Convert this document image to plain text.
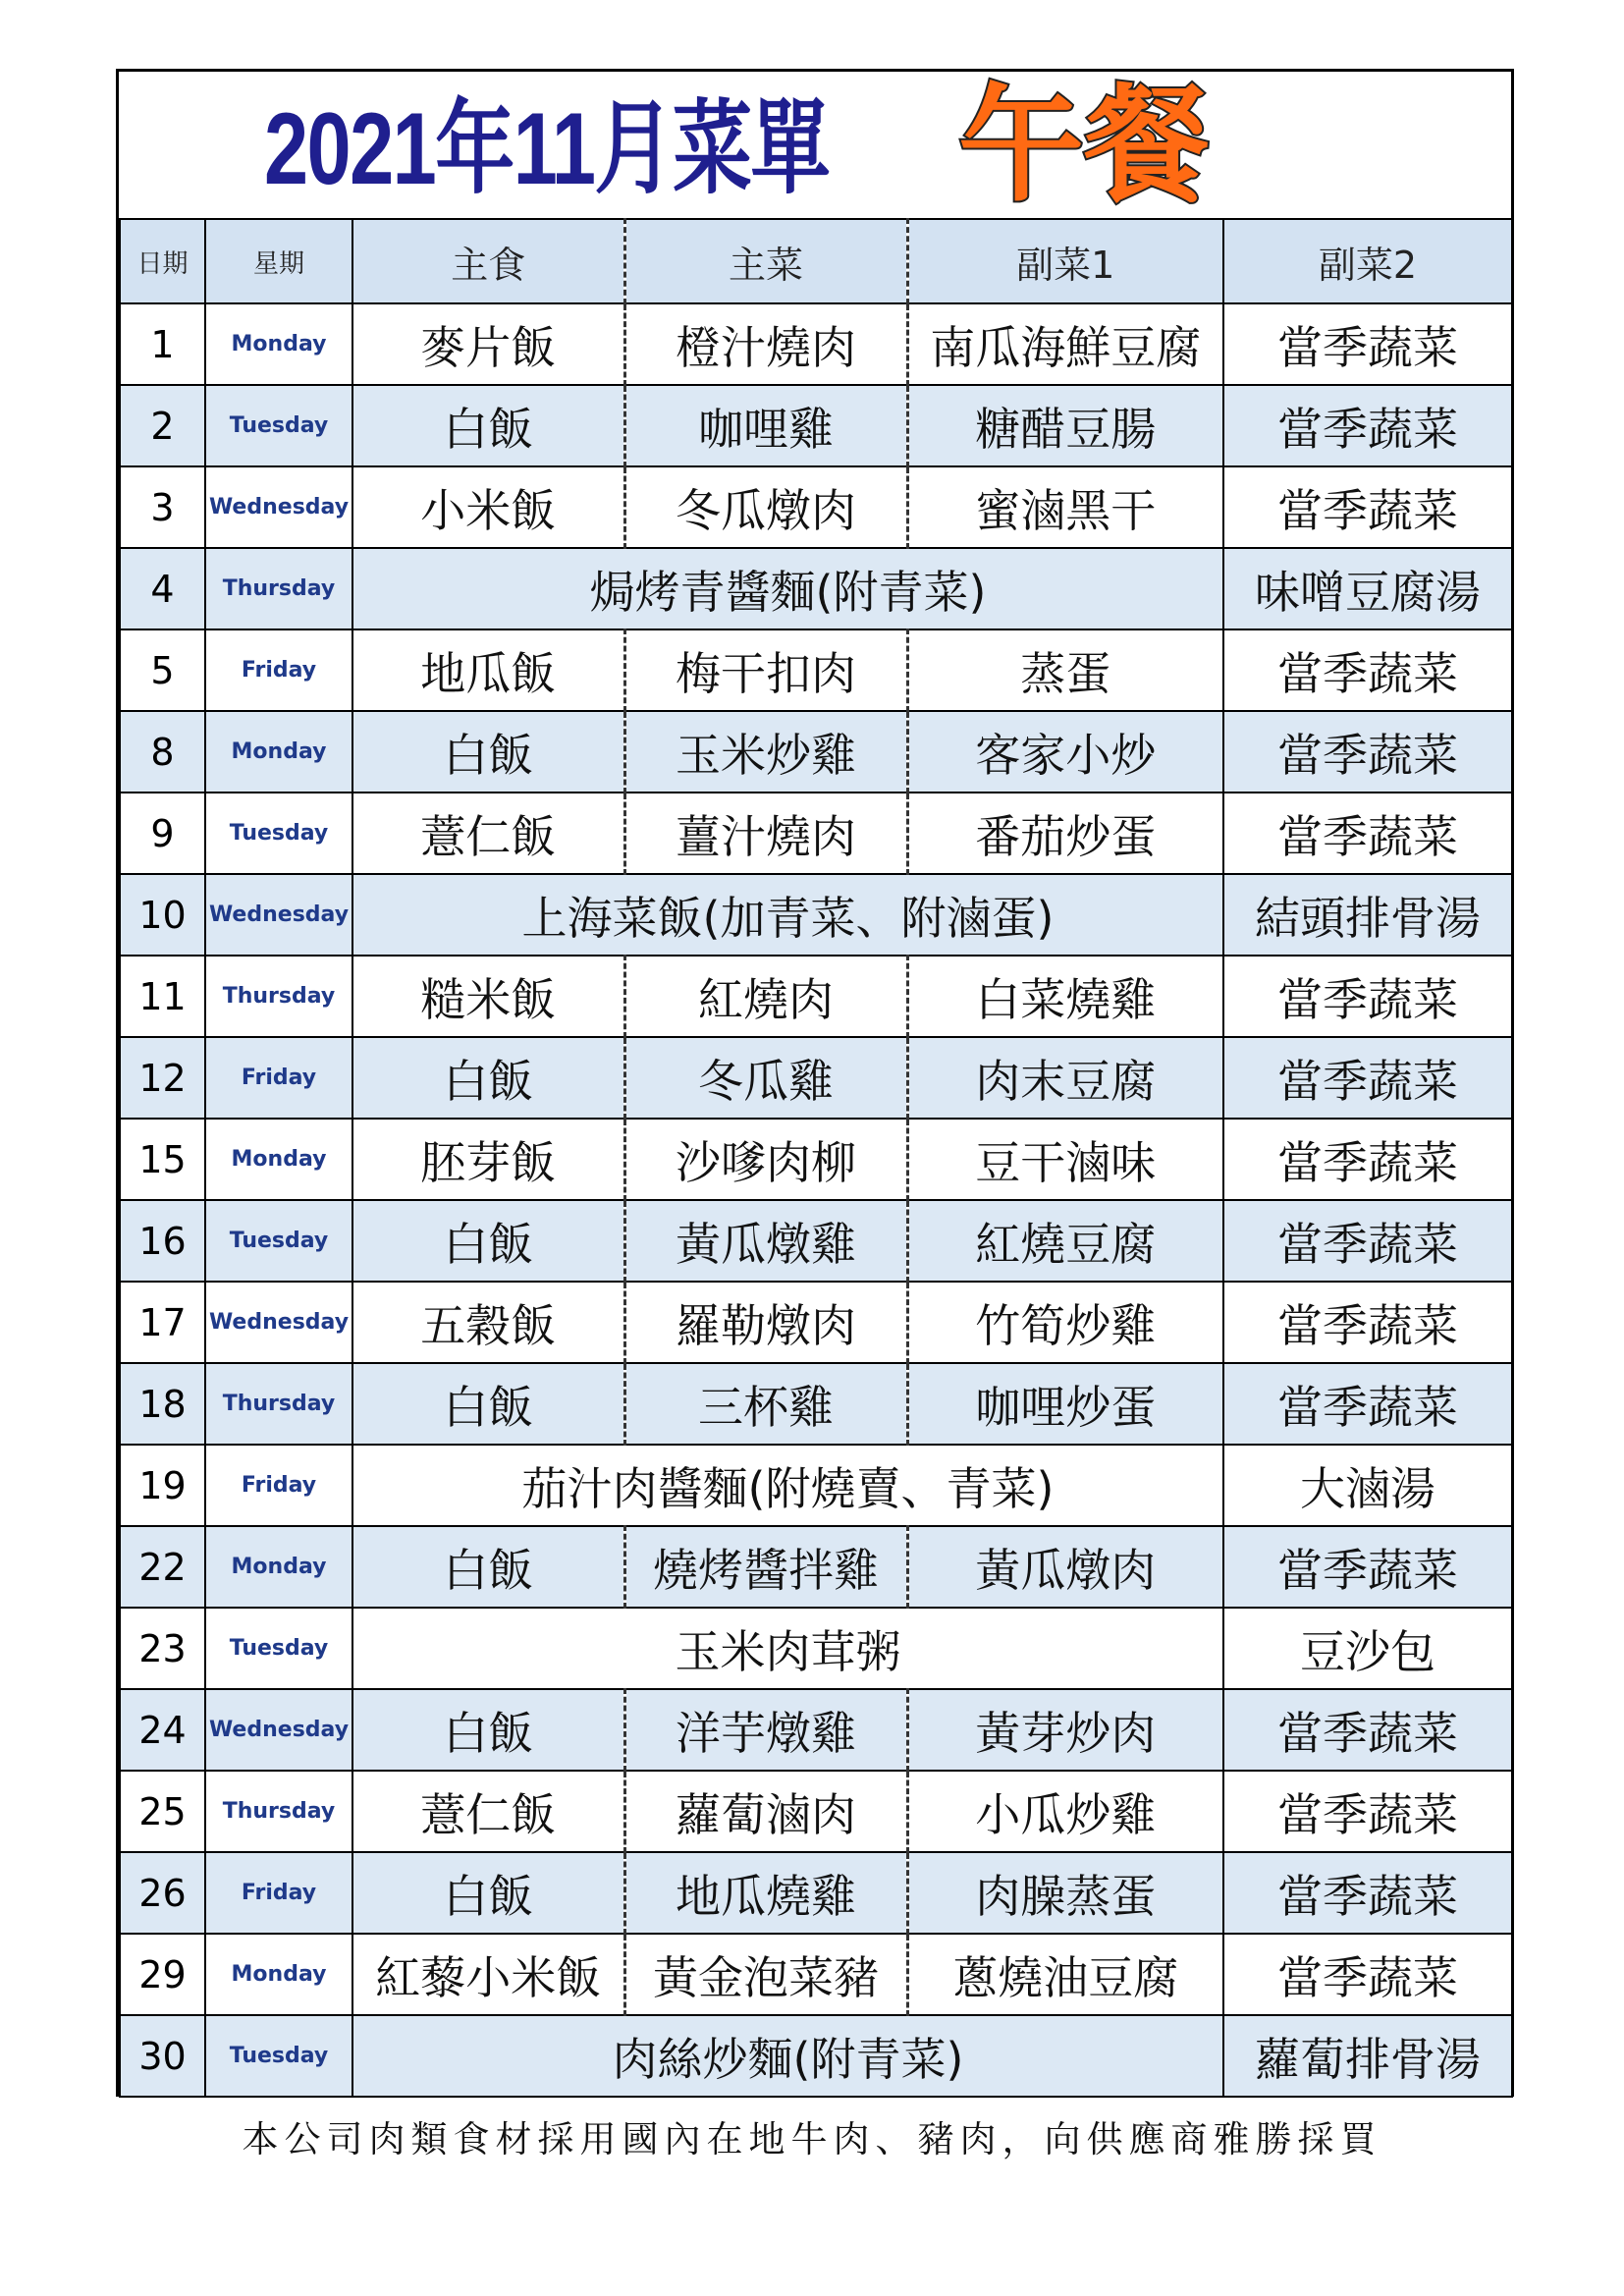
2021年11月菜單 午餐
日期	星期	主食	主菜	副菜1	副菜2
1	Monday	麥片飯	橙汁燒肉	南瓜海鮮豆腐	當季蔬菜
2	Tuesday	白飯	咖哩雞	糖醋豆腸	當季蔬菜
3	Wednesday	小米飯	冬瓜燉肉	蜜滷黑干	當季蔬菜
4	Thursday	焗烤青醬麵(附青菜)			味噌豆腐湯
5	Friday	地瓜飯	梅干扣肉	蒸蛋	當季蔬菜
8	Monday	白飯	玉米炒雞	客家小炒	當季蔬菜
9	Tuesday	薏仁飯	薑汁燒肉	番茄炒蛋	當季蔬菜
10	Wednesday	上海菜飯(加青菜、附滷蛋)			結頭排骨湯
11	Thursday	糙米飯	紅燒肉	白菜燒雞	當季蔬菜
12	Friday	白飯	冬瓜雞	肉末豆腐	當季蔬菜
15	Monday	胚芽飯	沙嗲肉柳	豆干滷味	當季蔬菜
16	Tuesday	白飯	黃瓜燉雞	紅燒豆腐	當季蔬菜
17	Wednesday	五穀飯	羅勒燉肉	竹筍炒雞	當季蔬菜
18	Thursday	白飯	三杯雞	咖哩炒蛋	當季蔬菜
19	Friday	茄汁肉醬麵(附燒賣、青菜)			大滷湯
22	Monday	白飯	燒烤醬拌雞	黃瓜燉肉	當季蔬菜
23	Tuesday	玉米肉茸粥			豆沙包
24	Wednesday	白飯	洋芋燉雞	黃芽炒肉	當季蔬菜
25	Thursday	薏仁飯	蘿蔔滷肉	小瓜炒雞	當季蔬菜
26	Friday	白飯	地瓜燒雞	肉臊蒸蛋	當季蔬菜
29	Monday	紅藜小米飯	黃金泡菜豬	蔥燒油豆腐	當季蔬菜
30	Tuesday	肉絲炒麵(附青菜)			蘿蔔排骨湯
本公司肉類食材採用國內在地牛肉、豬肉，向供應商雅勝採買
